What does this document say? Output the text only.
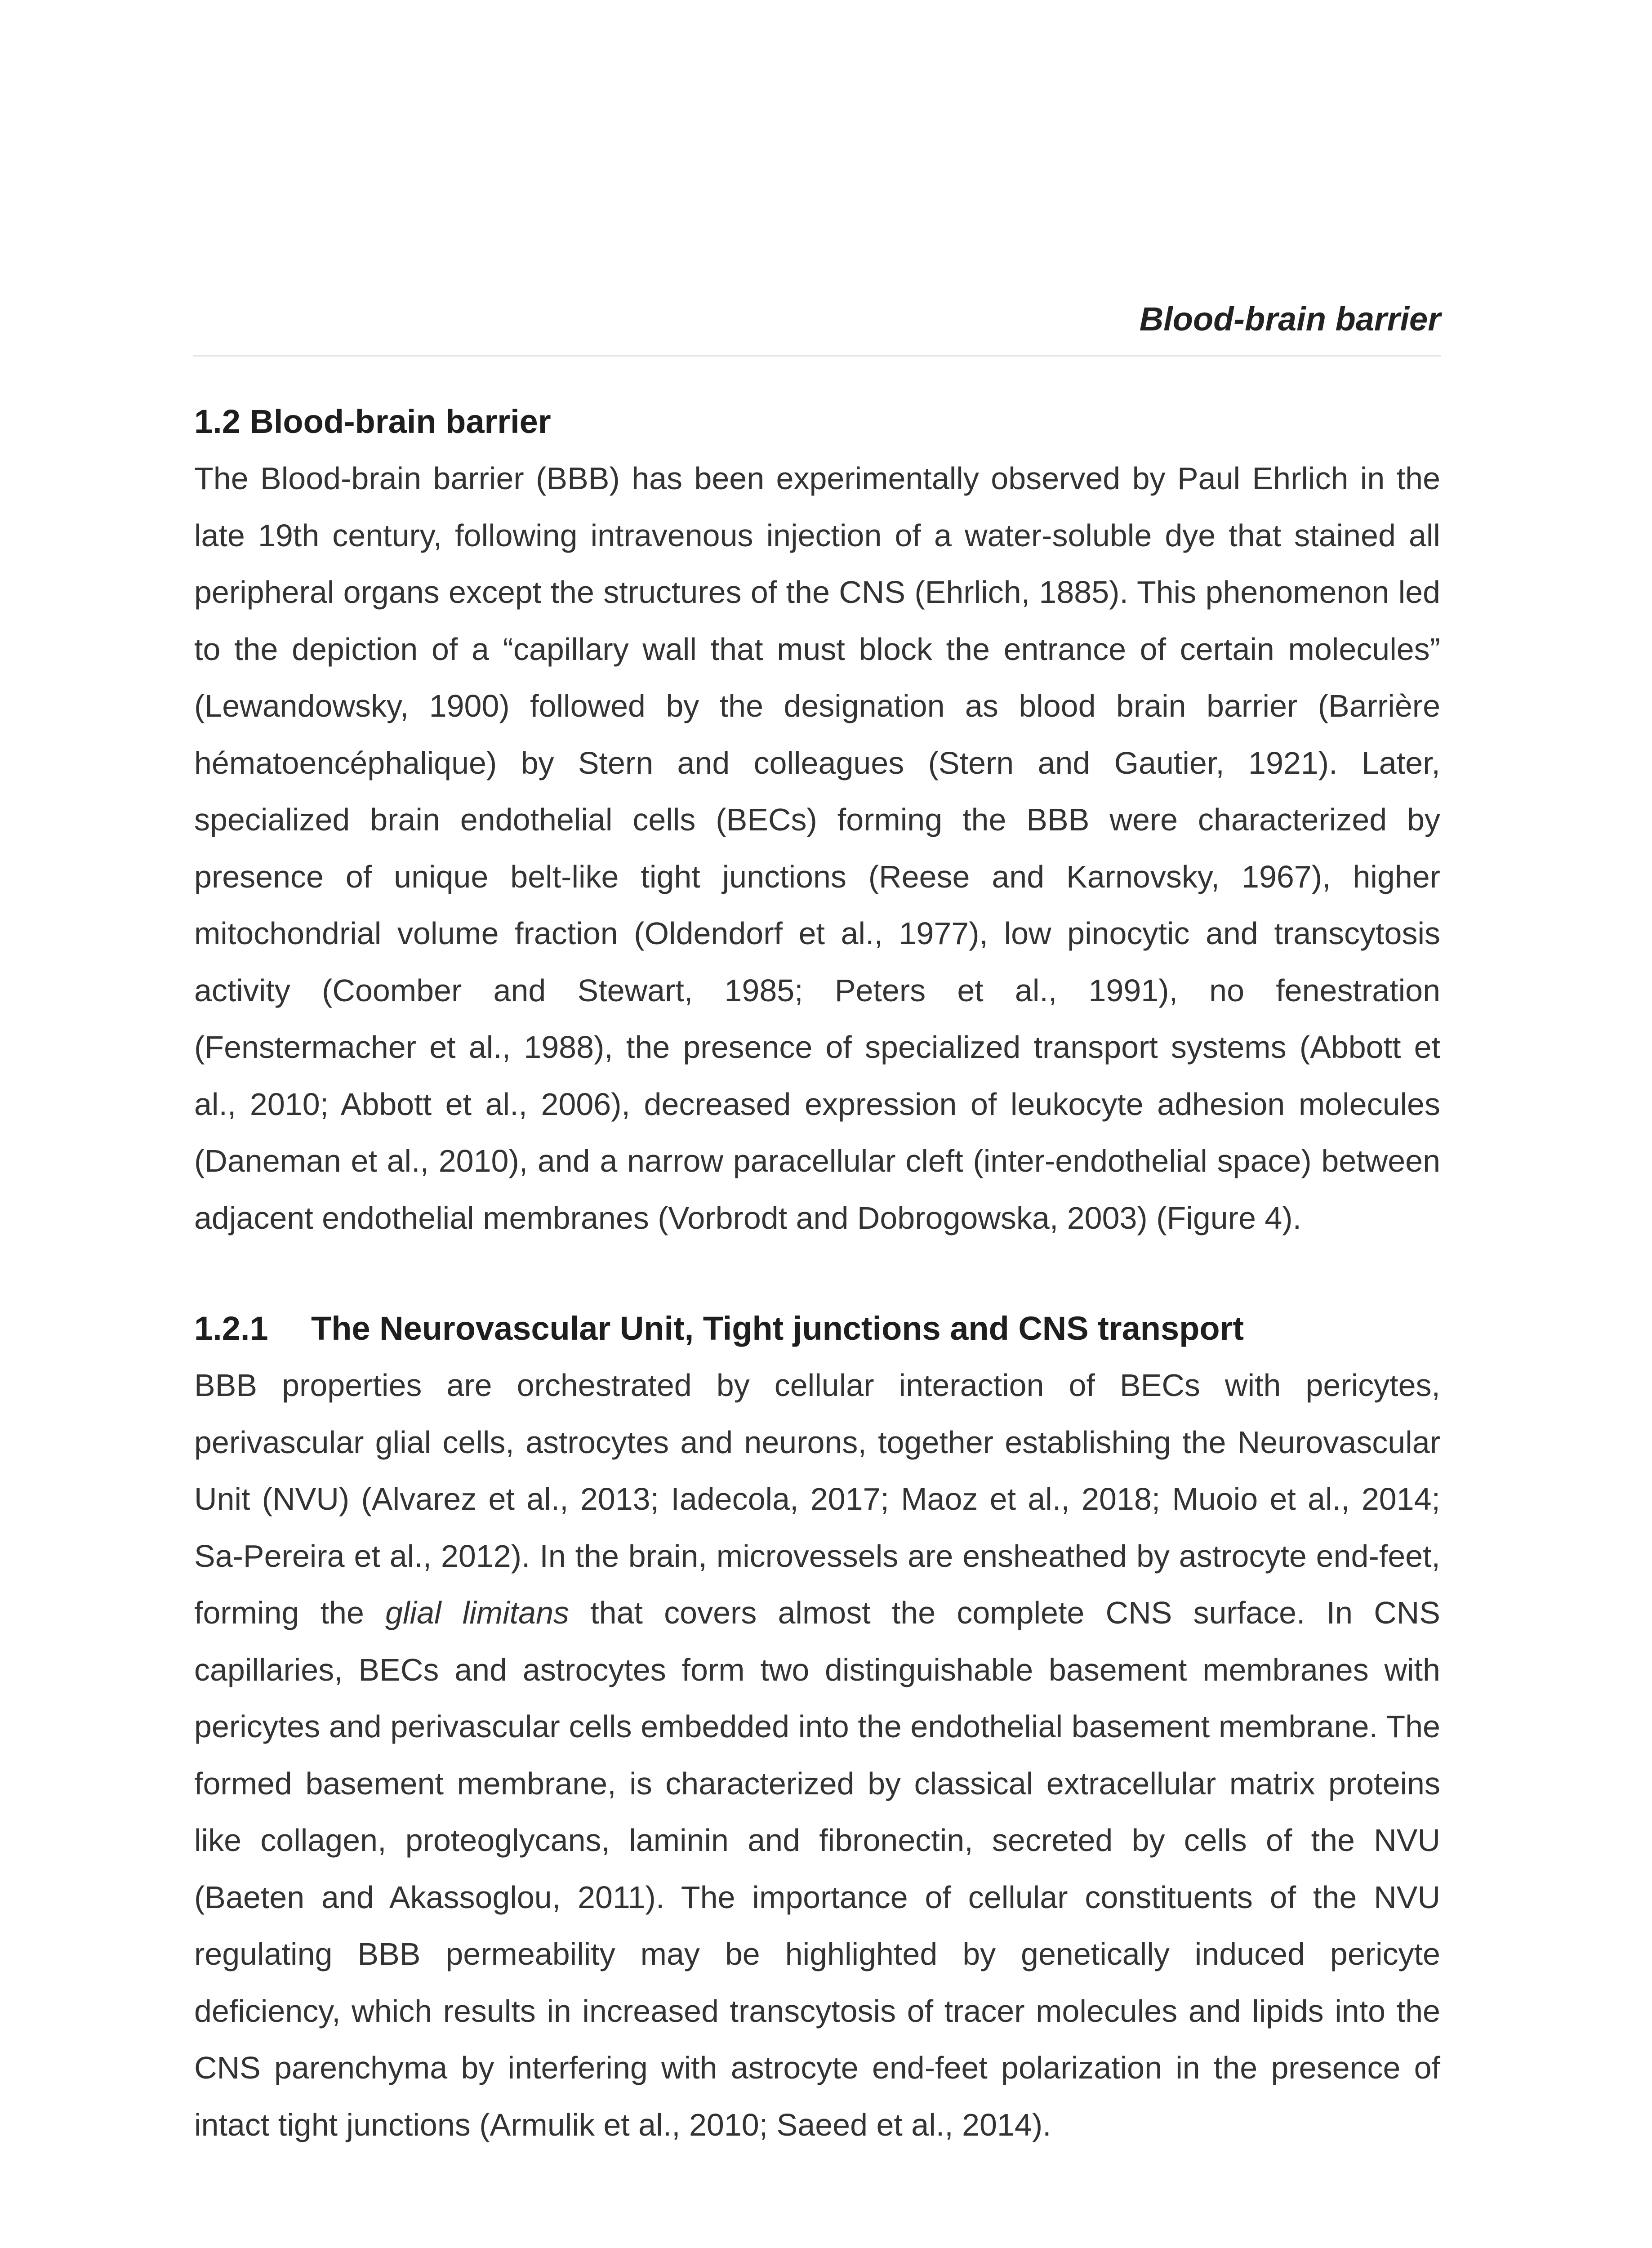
Blood-brain barrier
1.2 Blood-brain barrier

The Blood-brain barrier (BBB) has been experimentally observed by Paul Ehrlich in the late 19th century, following intravenous injection of a water-soluble dye that stained all peripheral organs except the structures of the CNS (Ehrlich, 1885). This phenomenon led to the depiction of a “capillary wall that must block the entrance of certain molecules” (Lewandowsky, 1900) followed by the designation as blood brain barrier (Barrière hématoencéphalique) by Stern and colleagues (Stern and Gautier, 1921). Later, specialized brain endothelial cells (BECs) forming the BBB were characterized by presence of unique belt-like tight junctions (Reese and Karnovsky, 1967), higher mitochondrial volume fraction (Oldendorf et al., 1977), low pinocytic and transcytosis activity (Coomber and Stewart, 1985; Peters et al., 1991), no fenestration (Fenstermacher et al., 1988), the presence of specialized transport systems (Abbott et al., 2010; Abbott et al., 2006), decreased expression of leukocyte adhesion molecules (Daneman et al., 2010), and a narrow paracellular cleft (inter-endothelial space) between adjacent endothelial membranes (Vorbrodt and Dobrogowska, 2003) (Figure 4).

1.2.1	The Neurovascular Unit, Tight junctions and CNS transport

BBB properties are orchestrated by cellular interaction of BECs with pericytes, perivascular glial cells, astrocytes and neurons, together establishing the Neurovascular Unit (NVU) (Alvarez et al., 2013; Iadecola, 2017; Maoz et al., 2018; Muoio et al., 2014; Sa-Pereira et al., 2012). In the brain, microvessels are ensheathed by astrocyte end-feet, forming the glial limitans that covers almost the complete CNS surface. In CNS capillaries, BECs and astrocytes form two distinguishable basement membranes with pericytes and perivascular cells embedded into the endothelial basement membrane. The formed basement membrane, is characterized by classical extracellular matrix proteins like collagen, proteoglycans, laminin and fibronectin, secreted by cells of the NVU (Baeten and Akassoglou, 2011). The importance of cellular constituents of the NVU regulating BBB permeability may be highlighted by genetically induced pericyte deficiency, which results in increased transcytosis of tracer molecules and lipids into the CNS parenchyma by interfering with astrocyte end-feet polarization in the presence of intact tight junctions (Armulik et al., 2010; Saeed et al., 2014).
